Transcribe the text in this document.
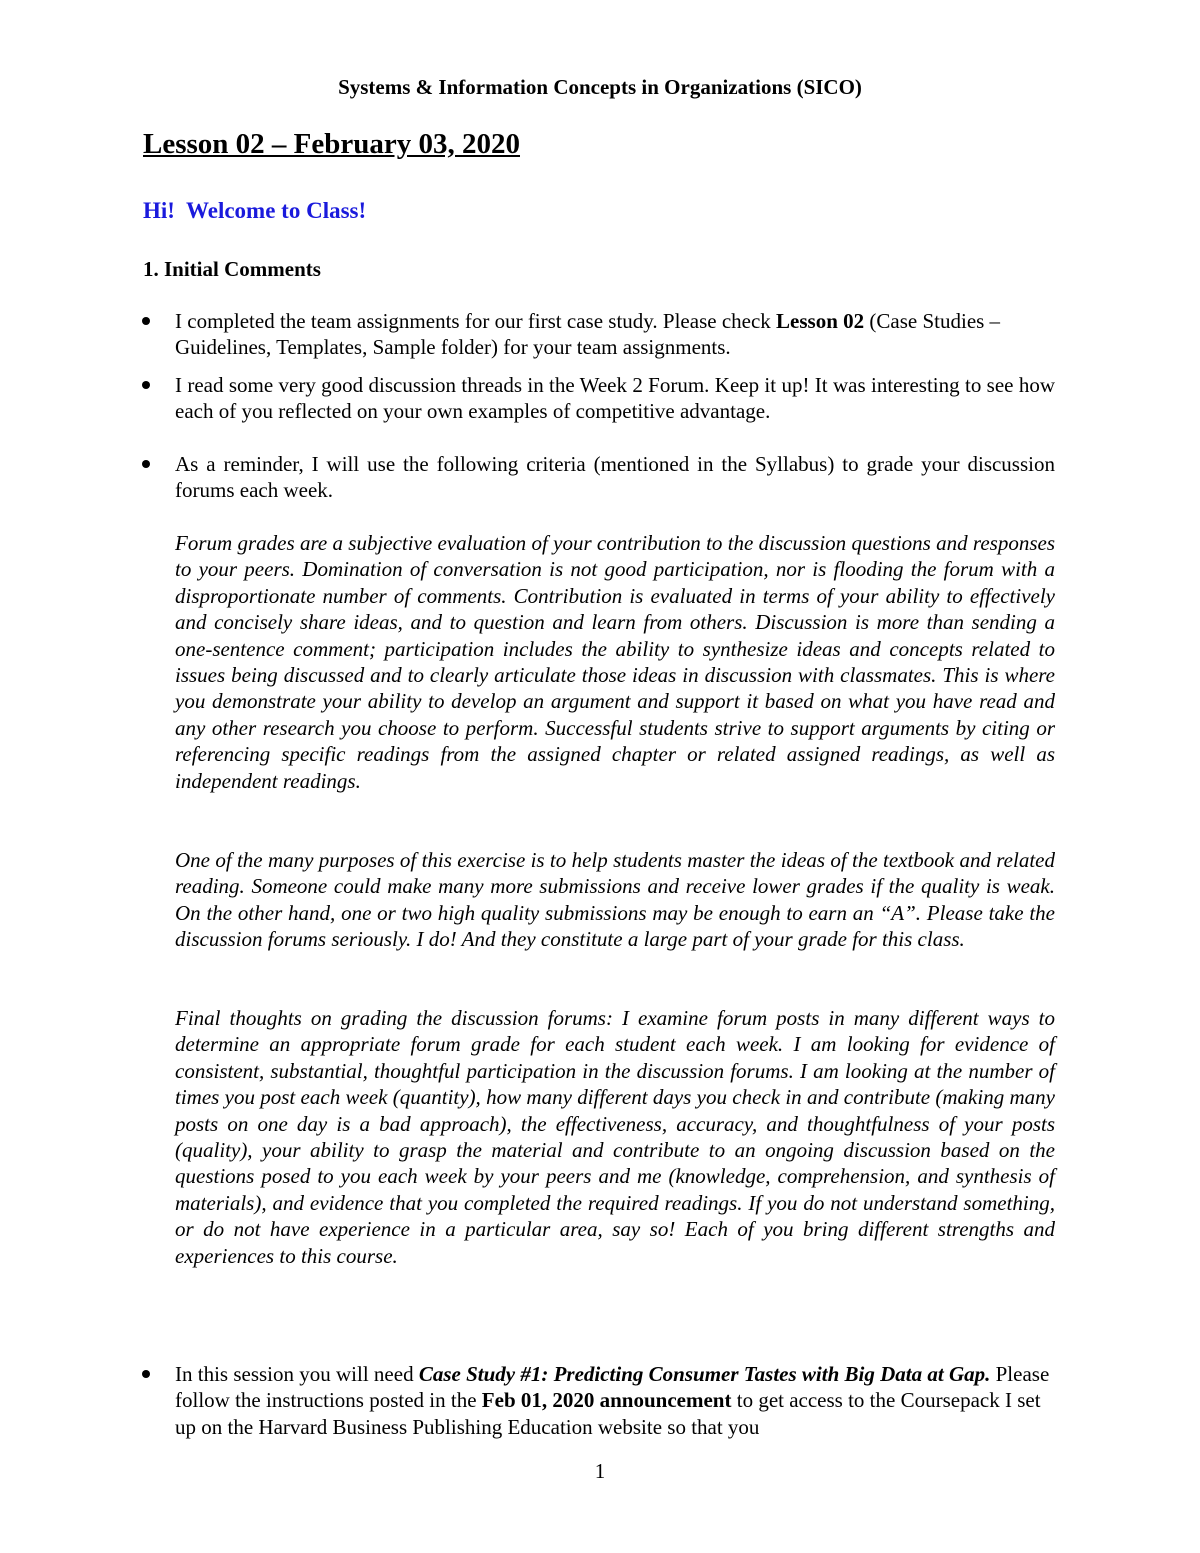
Systems & Information Concepts in Organizations (SICO)
Lesson 02 – February 03, 2020
Hi!  Welcome to Class!
1. Initial Comments
I completed the team assignments for our first case study. Please check Lesson 02 (Case Studies – Guidelines, Templates, Sample folder) for your team assignments.
I read some very good discussion threads in the Week 2 Forum. Keep it up! It was interesting to see how each of you reflected on your own examples of competitive advantage.
As a reminder, I will use the following criteria (mentioned in the Syllabus) to grade your discussion forums each week.
Forum grades are a subjective evaluation of your contribution to the discussion questions and responses to your peers. Domination of conversation is not good participation, nor is flooding the forum with a disproportionate number of comments. Contribution is evaluated in terms of your ability to effectively and concisely share ideas, and to question and learn from others. Discussion is more than sending a one-sentence comment; participation includes the ability to synthesize ideas and concepts related to issues being discussed and to clearly articulate those ideas in discussion with classmates. This is where you demonstrate your ability to develop an argument and support it based on what you have read and any other research you choose to perform. Successful students strive to support arguments by citing or referencing specific readings from the assigned chapter or related assigned readings, as well as independent readings.
One of the many purposes of this exercise is to help students master the ideas of the textbook and related reading. Someone could make many more submissions and receive lower grades if the quality is weak. On the other hand, one or two high quality submissions may be enough to earn an “A”. Please take the discussion forums seriously. I do! And they constitute a large part of your grade for this class.
Final thoughts on grading the discussion forums: I examine forum posts in many different ways to determine an appropriate forum grade for each student each week. I am looking for evidence of consistent, substantial, thoughtful participation in the discussion forums. I am looking at the number of times you post each week (quantity), how many different days you check in and contribute (making many posts on one day is a bad approach), the effectiveness, accuracy, and thoughtfulness of your posts (quality), your ability to grasp the material and contribute to an ongoing discussion based on the questions posed to you each week by your peers and me (knowledge, comprehension, and synthesis of materials), and evidence that you completed the required readings. If you do not understand something, or do not have experience in a particular area, say so! Each of you bring different strengths and experiences to this course.
In this session you will need Case Study #1: Predicting Consumer Tastes with Big Data at Gap. Please follow the instructions posted in the Feb 01, 2020 announcement to get access to the Coursepack I set up on the Harvard Business Publishing Education website so that you
1
